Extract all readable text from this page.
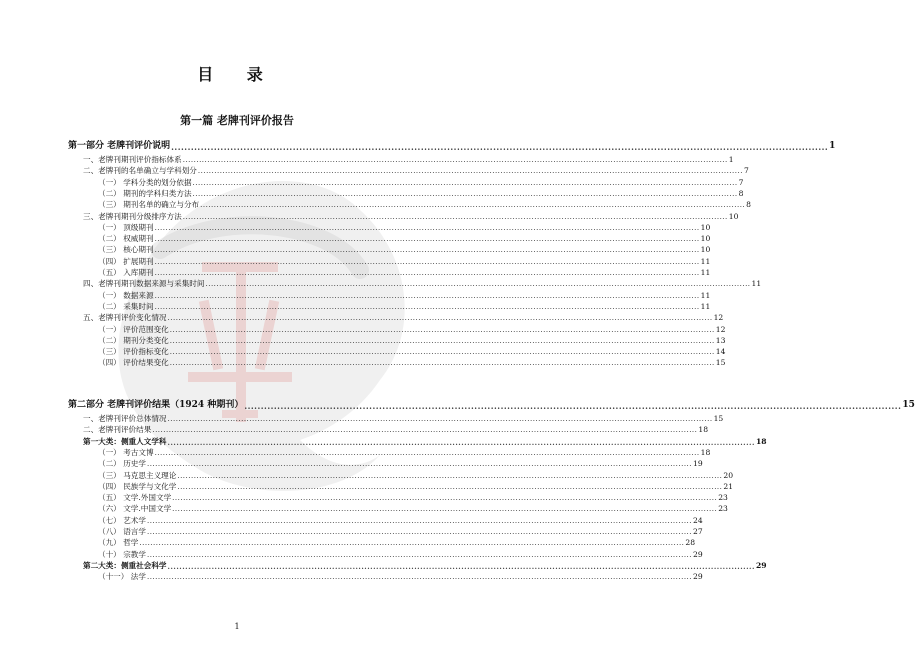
目 录
第一篇 老牌刊评价报告
第一部分 老牌刊评价说明 ........................................................................................................................................................................................................ 1
一、老牌刊期刊评价指标体系 ........................................................................................................................................................................................................ 1
二、老牌刊的名单确立与学科划分 ........................................................................................................................................................................................................ 7
（一） 学科分类的划分依据 ........................................................................................................................................................................................................ 7
（二） 期刊的学科归类方法 ........................................................................................................................................................................................................ 8
（三） 期刊名单的确立与分布 ........................................................................................................................................................................................................ 8
三、老牌刊期刊分级排序方法 ........................................................................................................................................................................................................ 10
（一） 顶级期刊 ........................................................................................................................................................................................................ 10
（二） 权威期刊 ........................................................................................................................................................................................................ 10
（三） 核心期刊 ........................................................................................................................................................................................................ 10
（四） 扩展期刊 ........................................................................................................................................................................................................ 11
（五） 入库期刊 ........................................................................................................................................................................................................ 11
四、老牌刊期刊数据来源与采集时间 ........................................................................................................................................................................................................ 11
（一） 数据来源 ........................................................................................................................................................................................................ 11
（二） 采集时间 ........................................................................................................................................................................................................ 11
五、老牌刊评价变化情况 ........................................................................................................................................................................................................ 12
（一） 评价范围变化 ........................................................................................................................................................................................................ 12
（二） 期刊分类变化 ........................................................................................................................................................................................................ 13
（三） 评价指标变化 ........................................................................................................................................................................................................ 14
（四） 评价结果变化 ........................................................................................................................................................................................................ 15
第二部分 老牌刊评价结果（1924 种期刊） ........................................................................................................................................................................................................ 15
一、老牌刊评价总体情况 ........................................................................................................................................................................................................ 15
二、老牌刊评价结果 ........................................................................................................................................................................................................ 18
第一大类：侧重人文学科 ........................................................................................................................................................................................................ 18
（一） 考古文博 ........................................................................................................................................................................................................ 18
（二） 历史学 ........................................................................................................................................................................................................ 19
（三） 马克思主义理论 ........................................................................................................................................................................................................ 20
（四） 民族学与文化学 ........................................................................................................................................................................................................ 21
（五） 文学.外国文学 ........................................................................................................................................................................................................ 23
（六） 文学.中国文学 ........................................................................................................................................................................................................ 23
（七） 艺术学 ........................................................................................................................................................................................................ 24
（八） 语言学 ........................................................................................................................................................................................................ 27
（九） 哲学 ........................................................................................................................................................................................................ 28
（十） 宗教学 ........................................................................................................................................................................................................ 29
第二大类：侧重社会科学 ........................................................................................................................................................................................................ 29
（十一） 法学 ........................................................................................................................................................................................................ 29
1
